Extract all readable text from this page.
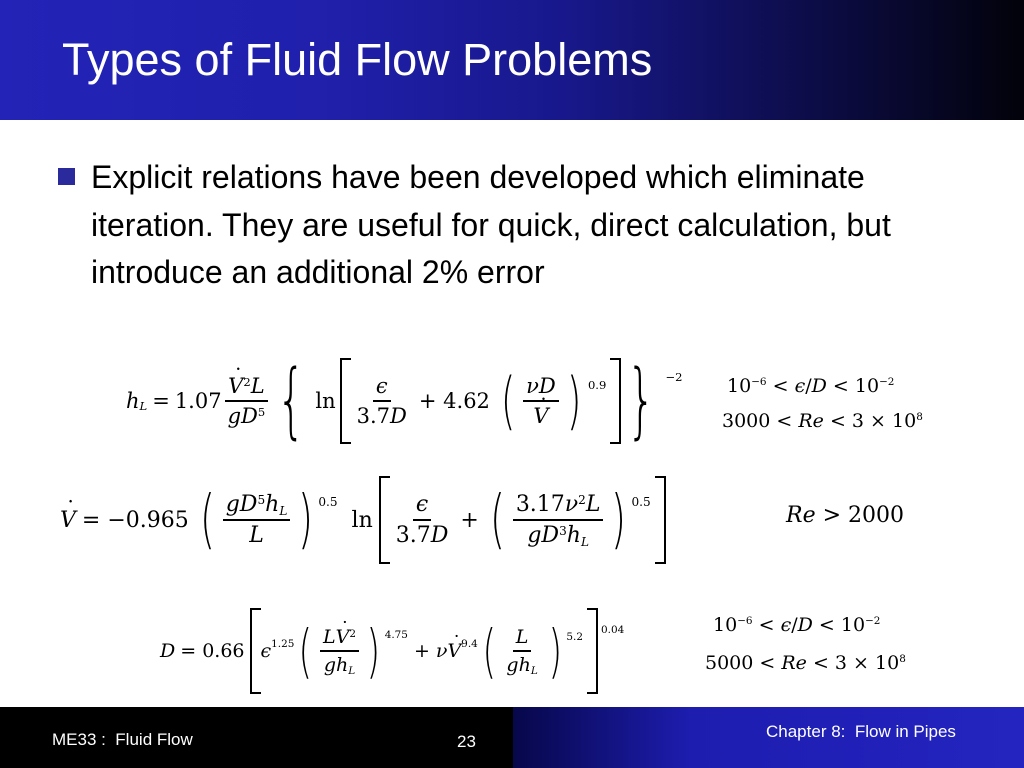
Types of Fluid Flow Problems
Explicit relations have been developed which eliminate iteration. They are useful for quick, direct calculation, but introduce an additional 2% error
h L = 1.07 ˙ $\frac{V2L}{gD5}$ { $\ln \frac{\epsilon}{3.7D} + 4.62$ ( νD
˙ V ) 0.9 } −2 10−6 < ϵ/D < 10−2
3000 < Re < 3 × 108
˙ V = −0.965 ( $\frac{gD5hL}{L}$ ) 0.5
$\ln \frac{\epsilon}{3.7D}$ + ( $\frac{3.17\nu 2L}{gD3hL}$ ) 0.5
Re > 2000
D = 0.66 ϵ 1.25 ( $\frac{L˙ V2}{\text{ghL}}$ ) 4.75
+ ν ˙ V 9.4 ( $\frac{L}{\text{ghL}}$ ) 5.2
0.04	10−6 < ϵ/D < 10−2
5000 < Re < 3 × 108
ME33 :  Fluid Flow	23
Chapter 8:  Flow in Pipes
